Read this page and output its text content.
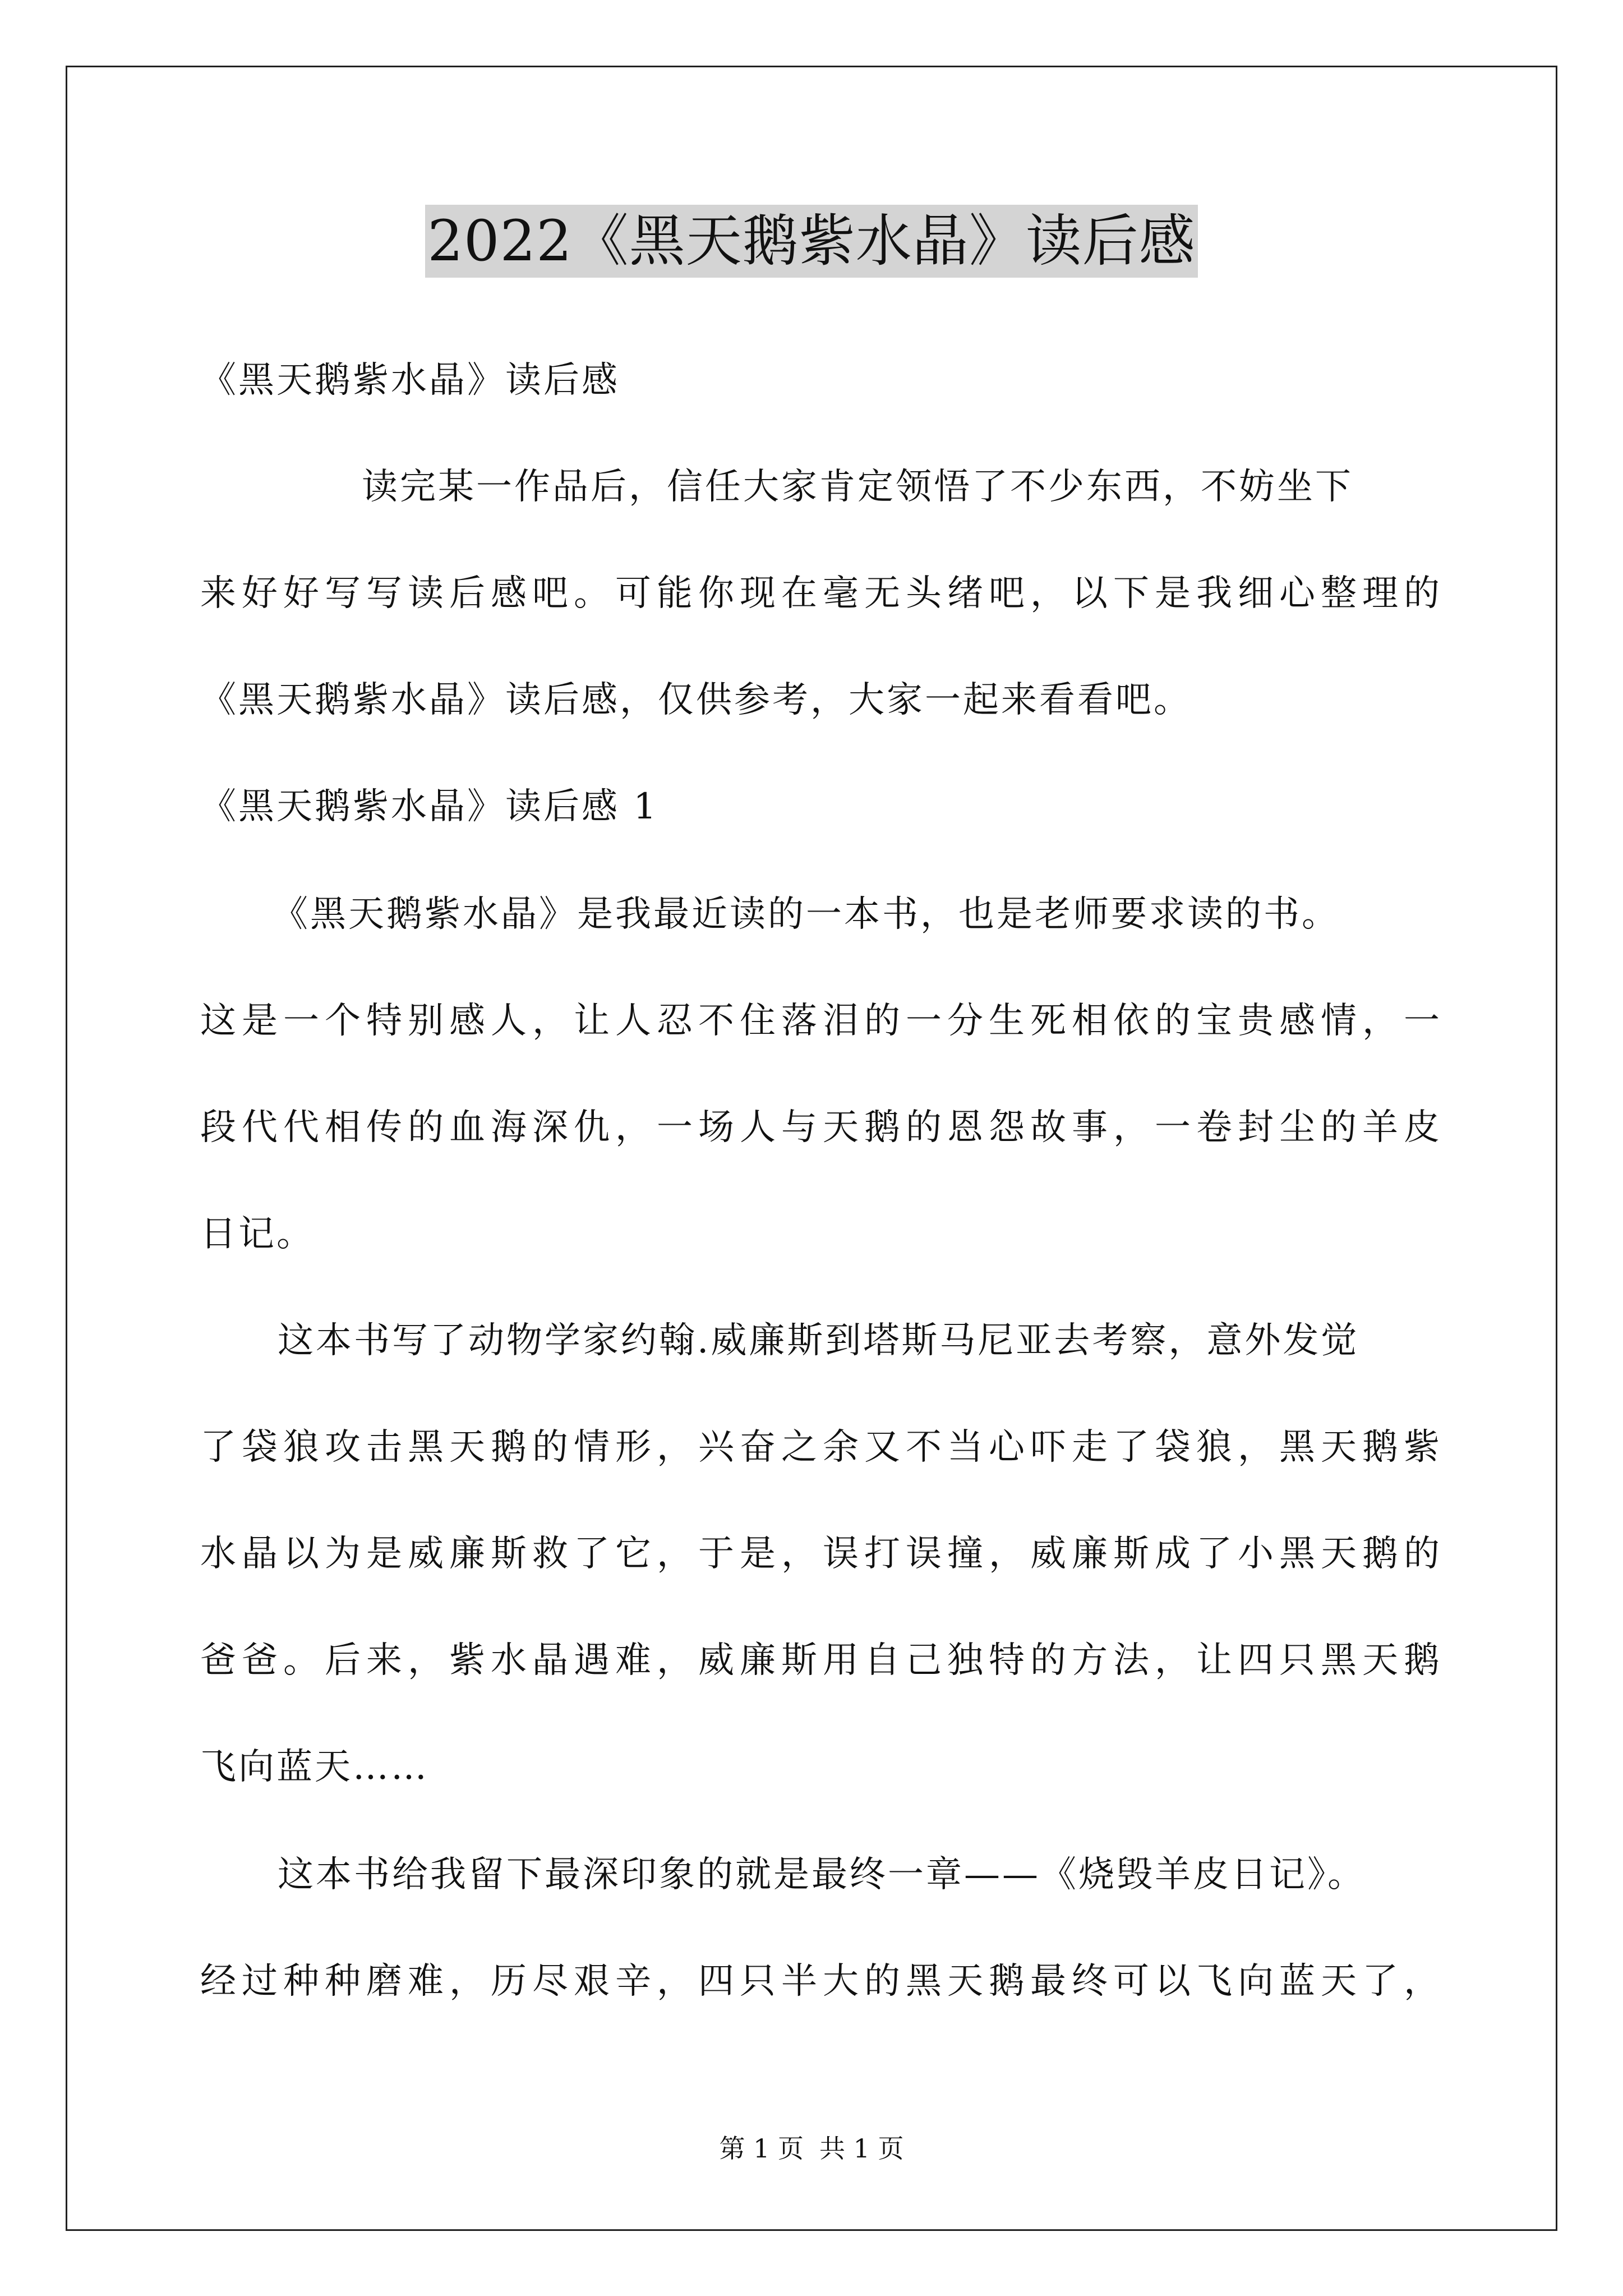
2022《黑天鹅紫水晶》读后感
《黑天鹅紫水晶》读后感
读完某一作品后，信任大家肯定领悟了不少东西，不妨坐下
来好好写写读后感吧。可能你现在毫无头绪吧，以下是我细心整理的
《黑天鹅紫水晶》读后感，仅供参考，大家一起来看看吧。
《黑天鹅紫水晶》读后感 1
《黑天鹅紫水晶》是我最近读的一本书，也是老师要求读的书。
这是一个特别感人，让人忍不住落泪的一分生死相依的宝贵感情，一
段代代相传的血海深仇，一场人与天鹅的恩怨故事，一卷封尘的羊皮
日记。
这本书写了动物学家约翰.威廉斯到塔斯马尼亚去考察，意外发觉
了袋狼攻击黑天鹅的情形，兴奋之余又不当心吓走了袋狼，黑天鹅紫
水晶以为是威廉斯救了它，于是，误打误撞，威廉斯成了小黑天鹅的
爸爸。后来，紫水晶遇难，威廉斯用自己独特的方法，让四只黑天鹅
飞向蓝天……
这本书给我留下最深印象的就是最终一章——《烧毁羊皮日记》。
经过种种磨难，历尽艰辛，四只半大的黑天鹅最终可以飞向蓝天了，
第 1 页 共 1 页
